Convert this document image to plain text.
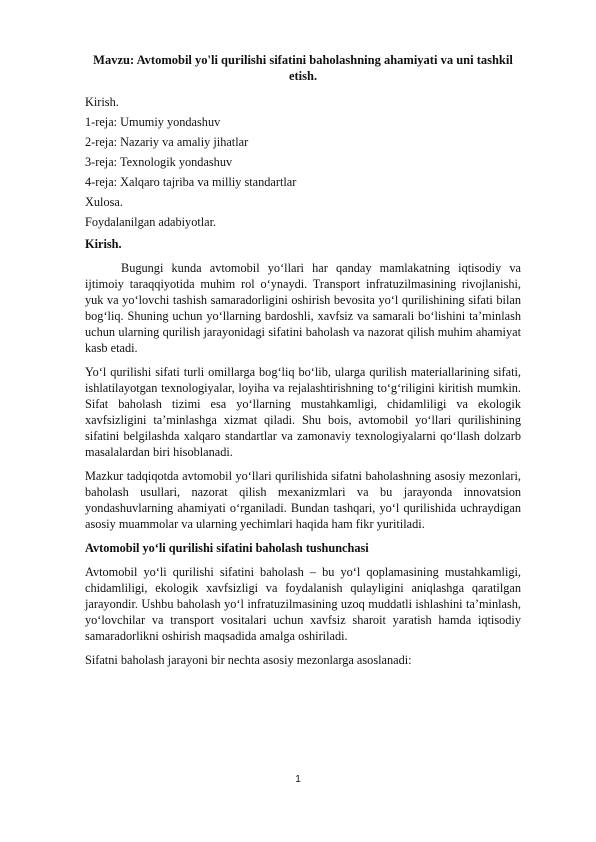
Mavzu: Avtomobil yo'li qurilishi sifatini baholashning ahamiyati va uni tashkil etish.

Kirish.

1-reja: Umumiy yondashuv

2-reja: Nazariy va amaliy jihatlar

3-reja: Texnologik yondashuv

4-reja: Xalqaro tajriba va milliy standartlar

Xulosa.

Foydalanilgan adabiyotlar.

Kirish.

Bugungi kunda avtomobil yo‘llari har qanday mamlakatning iqtisodiy va ijtimoiy taraqqiyotida muhim rol o‘ynaydi. Transport infratuzilmasining rivojlanishi, yuk va yo‘lovchi tashish samaradorligini oshirish bevosita yo‘l qurilishining sifati bilan bog‘liq. Shuning uchun yo‘llarning bardoshli, xavfsiz va samarali bo‘lishini ta’minlash uchun ularning qurilish jarayonidagi sifatini baholash va nazorat qilish muhim ahamiyat kasb etadi.

Yo‘l qurilishi sifati turli omillarga bog‘liq bo‘lib, ularga qurilish materiallarining sifati, ishlatilayotgan texnologiyalar, loyiha va rejalashtirishning to‘g‘riligini kiritish mumkin. Sifat baholash tizimi esa yo‘llarning mustahkamligi, chidamliligi va ekologik xavfsizligini ta’minlashga xizmat qiladi. Shu bois, avtomobil yo‘llari qurilishining sifatini belgilashda xalqaro standartlar va zamonaviy texnologiyalarni qo‘llash dolzarb masalalardan biri hisoblanadi.

Mazkur tadqiqotda avtomobil yo‘llari qurilishida sifatni baholashning asosiy mezonlari, baholash usullari, nazorat qilish mexanizmlari va bu jarayonda innovatsion yondashuvlarning ahamiyati o‘rganiladi. Bundan tashqari, yo‘l qurilishida uchraydigan asosiy muammolar va ularning yechimlari haqida ham fikr yuritiladi.

Avtomobil yo‘li qurilishi sifatini baholash tushunchasi

Avtomobil yo‘li qurilishi sifatini baholash – bu yo‘l qoplamasining mustahkamligi, chidamliligi, ekologik xavfsizligi va foydalanish qulayligini aniqlashga qaratilgan jarayondir. Ushbu baholash yo‘l infratuzilmasining uzoq muddatli ishlashini ta’minlash, yo‘lovchilar va transport vositalari uchun xavfsiz sharoit yaratish hamda iqtisodiy samaradorlikni oshirish maqsadida amalga oshiriladi.

Sifatni baholash jarayoni bir nechta asosiy mezonlarga asoslanadi:

1
